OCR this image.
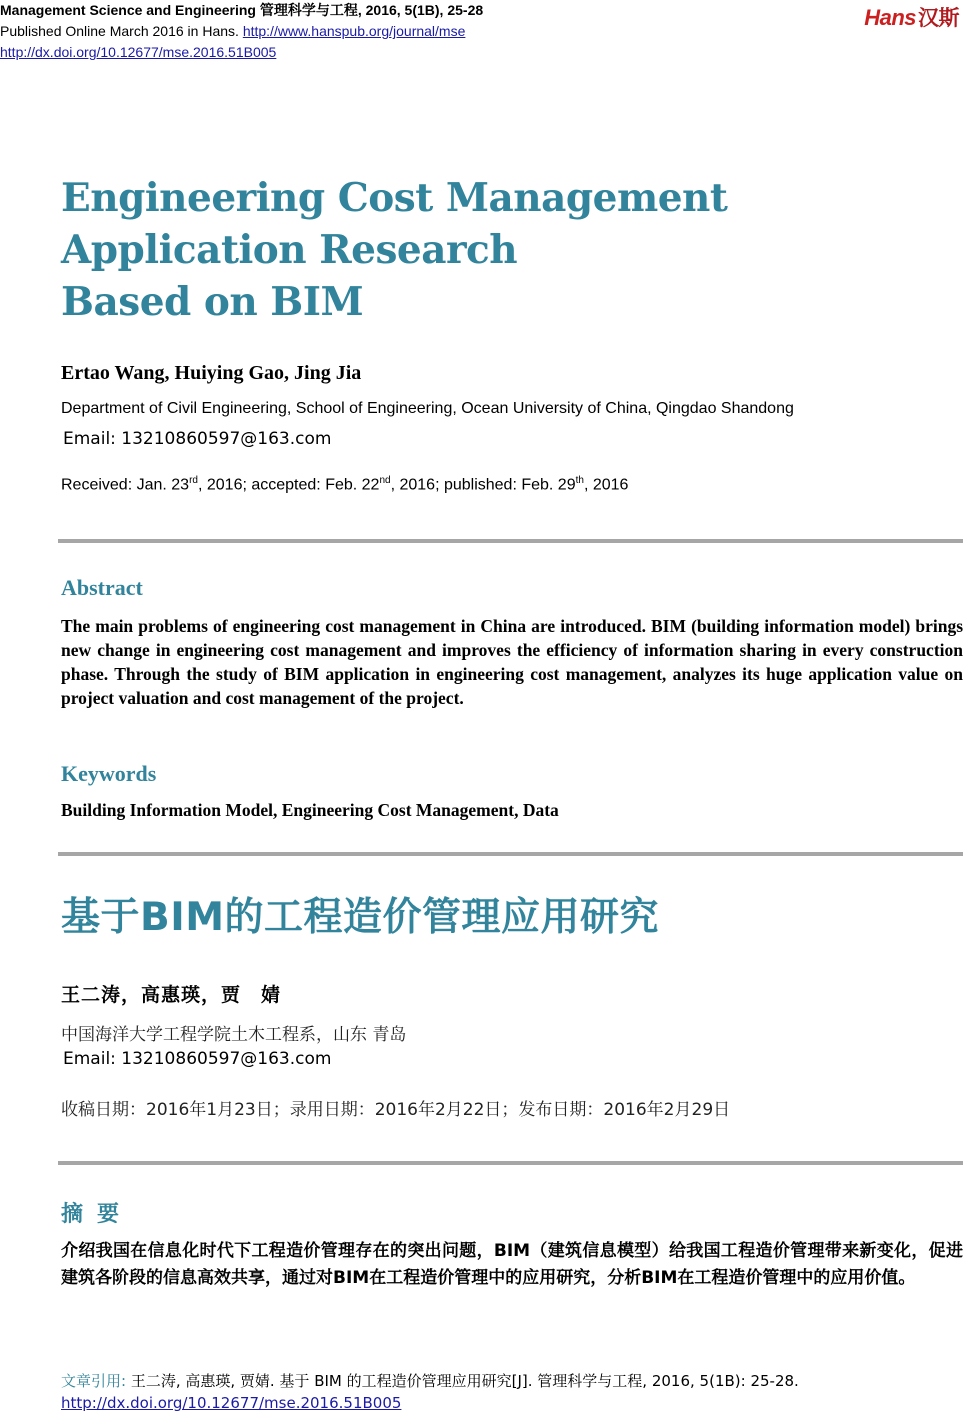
Management Science and Engineering 管理科学与工程, 2016, 5(1B), 25-28
Published Online March 2016 in Hans. http://www.hanspub.org/journal/mse
http://dx.doi.org/10.12677/mse.2016.51B005
Hans汉斯
Engineering Cost Management
Application Research
Based on BIM
Ertao Wang, Huiying Gao, Jing Jia
Department of Civil Engineering, School of Engineering, Ocean University of China, Qingdao Shandong
Email: 13210860597@163.com
Received: Jan. 23rd, 2016; accepted: Feb. 22nd, 2016; published: Feb. 29th, 2016
Abstract
The main problems of engineering cost management in China are introduced. BIM (building information model) brings new change in engineering cost management and improves the efficiency of information sharing in every construction phase. Through the study of BIM application in engineering cost management, analyzes its huge application value on project valuation and cost management of the project.
Keywords
Building Information Model, Engineering Cost Management, Data
基于BIM的工程造价管理应用研究
王二涛，高惠瑛，贾　婧
中国海洋大学工程学院土木工程系，山东 青岛
Email: 13210860597@163.com
收稿日期：2016年1月23日；录用日期：2016年2月22日；发布日期：2016年2月29日
摘要
介绍我国在信息化时代下工程造价管理存在的突出问题，BIM（建筑信息模型）给我国工程造价管理带来新变化，促进建筑各阶段的信息高效共享，通过对BIM在工程造价管理中的应用研究，分析BIM在工程造价管理中的应用价值。
文章引用: 王二涛, 高惠瑛, 贾婧. 基于 BIM 的工程造价管理应用研究[J]. 管理科学与工程, 2016, 5(1B): 25-28.
http://dx.doi.org/10.12677/mse.2016.51B005
